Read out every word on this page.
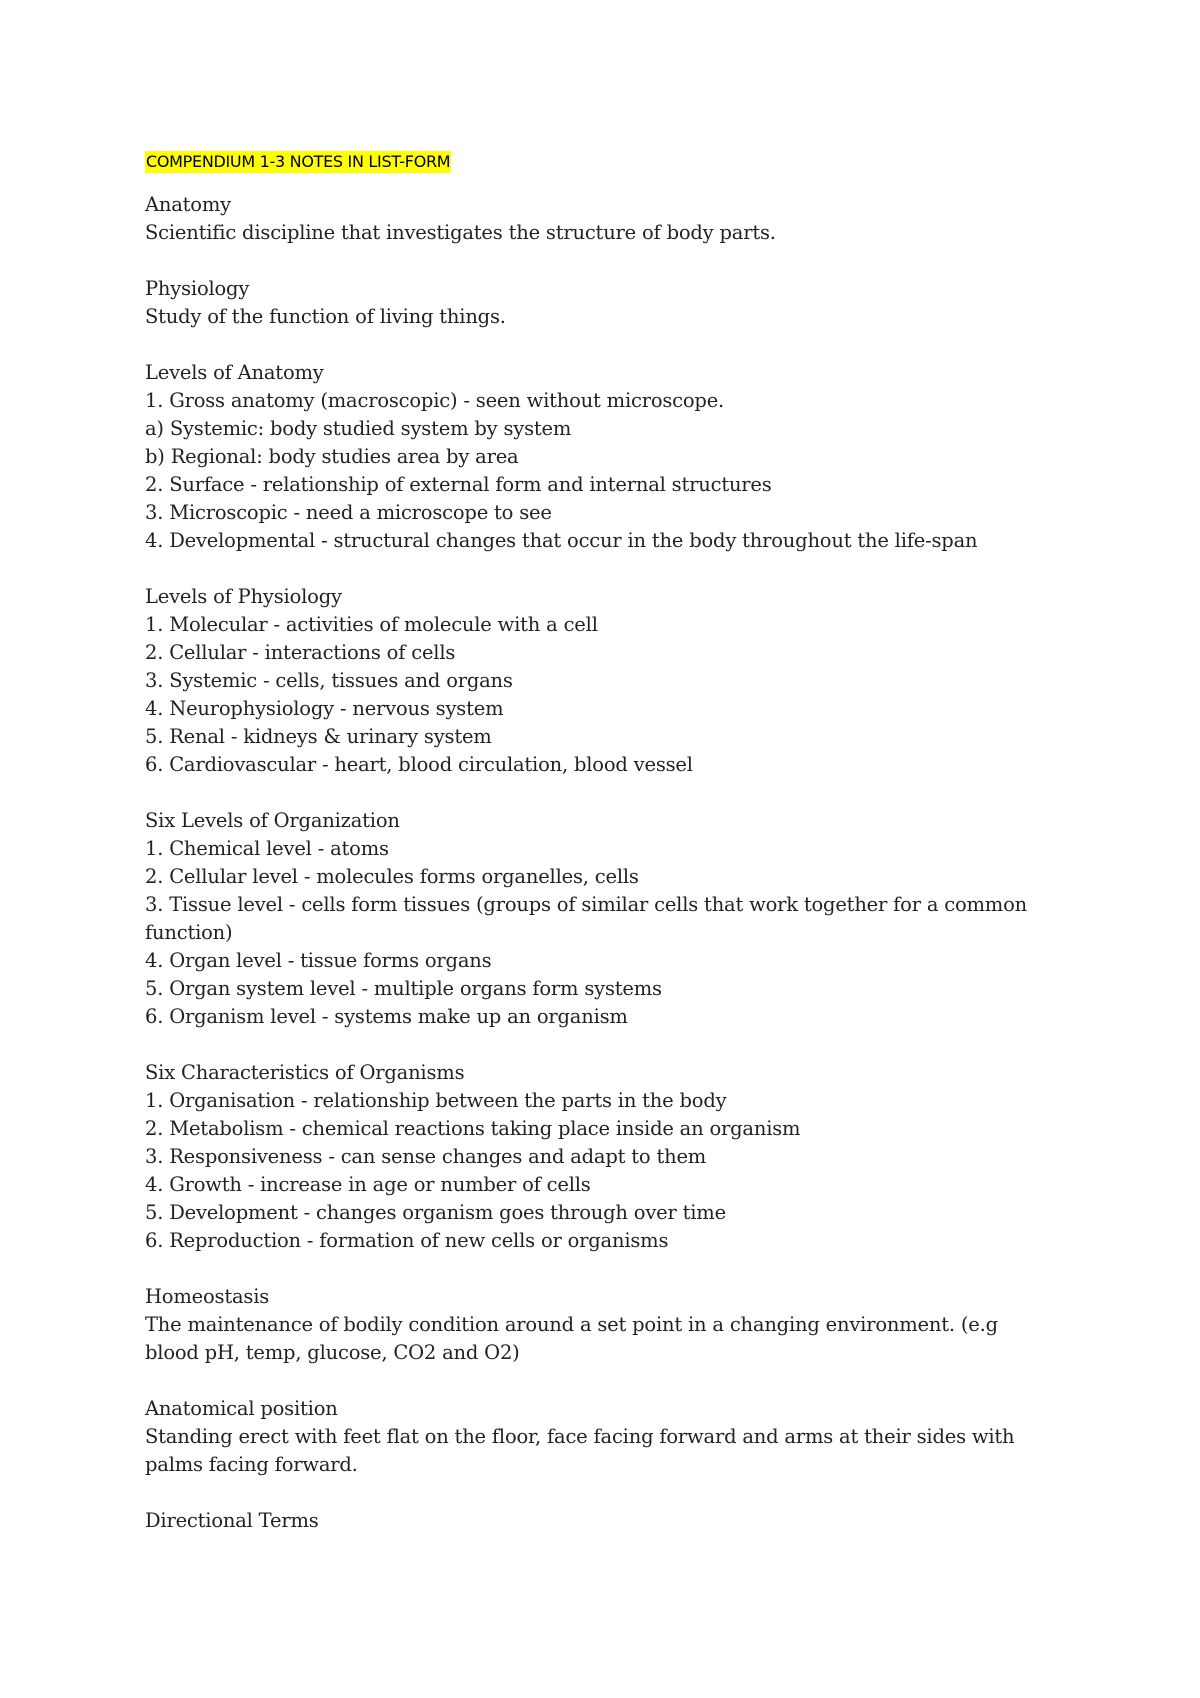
COMPENDIUM 1-3 NOTES IN LIST-FORM
Anatomy
Scientific discipline that investigates the structure of body parts.
Physiology
Study of the function of living things.
Levels of Anatomy
1. Gross anatomy (macroscopic) - seen without microscope.
a) Systemic: body studied system by system
b) Regional: body studies area by area
2. Surface - relationship of external form and internal structures
3. Microscopic - need a microscope to see
4. Developmental - structural changes that occur in the body throughout the life-span
Levels of Physiology
1. Molecular - activities of molecule with a cell
2. Cellular - interactions of cells
3. Systemic - cells, tissues and organs
4. Neurophysiology - nervous system
5. Renal - kidneys & urinary system
6. Cardiovascular - heart, blood circulation, blood vessel
Six Levels of Organization
1. Chemical level - atoms
2. Cellular level - molecules forms organelles, cells
3. Tissue level - cells form tissues (groups of similar cells that work together for a common function)
4. Organ level - tissue forms organs
5. Organ system level - multiple organs form systems
6. Organism level - systems make up an organism
Six Characteristics of Organisms
1. Organisation - relationship between the parts in the body
2. Metabolism - chemical reactions taking place inside an organism
3. Responsiveness - can sense changes and adapt to them
4. Growth - increase in age or number of cells
5. Development - changes organism goes through over time
6. Reproduction - formation of new cells or organisms
Homeostasis
The maintenance of bodily condition around a set point in a changing environment. (e.g blood pH, temp, glucose, CO2 and O2)
Anatomical position
Standing erect with feet flat on the floor, face facing forward and arms at their sides with palms facing forward.
Directional Terms
